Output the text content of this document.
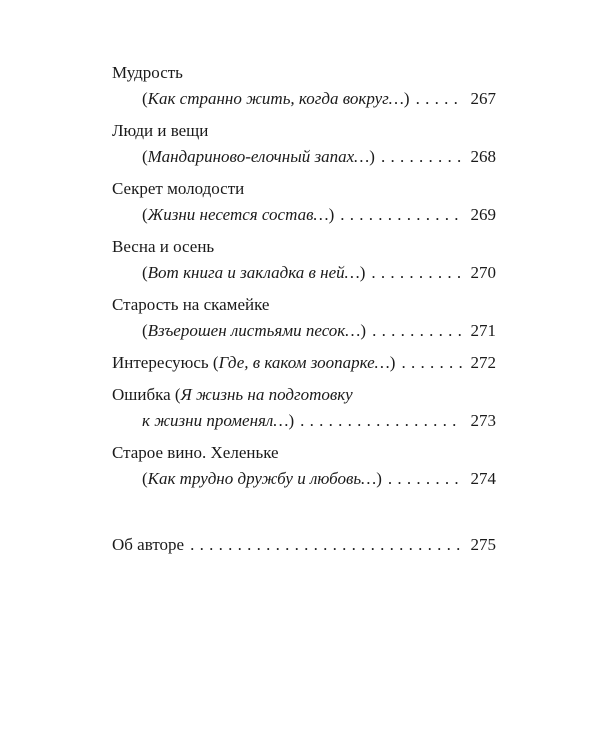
Мудрость
(Как странно жить, когда вокруг…) . . .	267
Люди и вещи
(Мандариново-елочный запах…) . . .	268
Секрет молодости
(Жизни несется состав…) . . .	269
Весна и осень
(Вот книга и закладка в ней…) . . .	270
Старость на скамейке
(Взъерошен листьями песок…) . . .	271
Интересуюсь (Где, в каком зоопарке…) . . .	272
Ошибка (Я жизнь на подготовку
к жизни променял…) . . .	273
Старое вино. Хеленьке
(Как трудно дружбу и любовь…) . . .	274
Об авторе . . .	275
